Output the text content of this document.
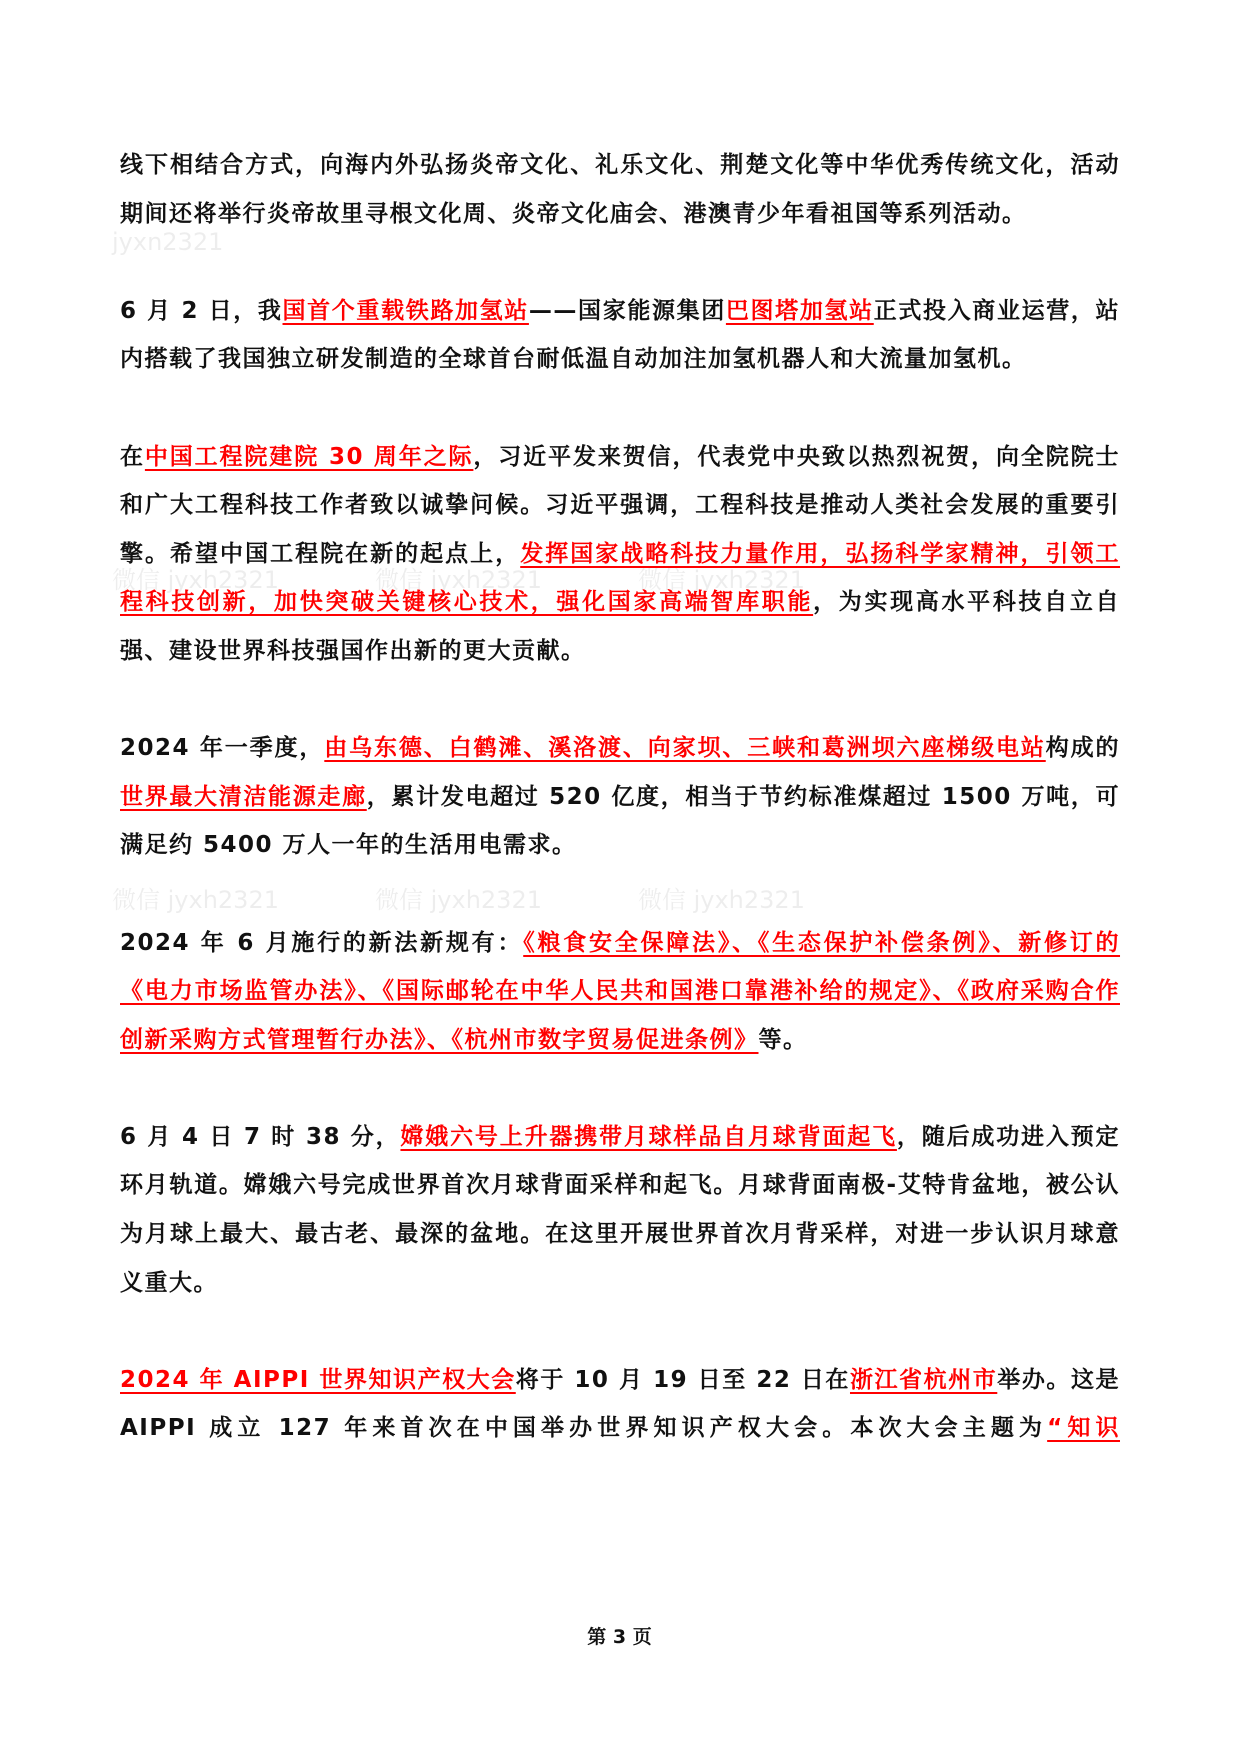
jyxn2321
微信 jyxh2321　　　　微信 jyxh2321　　　　微信 jyxh2321
微信 jyxh2321　　　　微信 jyxh2321　　　　微信 jyxh2321

线下相结合方式，向海内外弘扬炎帝文化、礼乐文化、荆楚文化等中华优秀传统文化，活动期间还将举行炎帝故里寻根文化周、炎帝文化庙会、港澳青少年看祖国等系列活动。

6 月 2 日，我国首个重载铁路加氢站——国家能源集团巴图塔加氢站正式投入商业运营，站内搭载了我国独立研发制造的全球首台耐低温自动加注加氢机器人和大流量加氢机。

在中国工程院建院 30 周年之际，习近平发来贺信，代表党中央致以热烈祝贺，向全院院士和广大工程科技工作者致以诚挚问候。习近平强调，工程科技是推动人类社会发展的重要引擎。希望中国工程院在新的起点上，发挥国家战略科技力量作用，弘扬科学家精神，引领工程科技创新，加快突破关键核心技术，强化国家高端智库职能，为实现高水平科技自立自强、建设世界科技强国作出新的更大贡献。

2024 年一季度，由乌东德、白鹤滩、溪洛渡、向家坝、三峡和葛洲坝六座梯级电站构成的世界最大清洁能源走廊，累计发电超过 520 亿度，相当于节约标准煤超过 1500 万吨，可满足约 5400 万人一年的生活用电需求。

2024 年 6 月施行的新法新规有：《粮食安全保障法》、《生态保护补偿条例》、新修订的《电力市场监管办法》、《国际邮轮在中华人民共和国港口靠港补给的规定》、《政府采购合作创新采购方式管理暂行办法》、《杭州市数字贸易促进条例》等。

6 月 4 日 7 时 38 分，嫦娥六号上升器携带月球样品自月球背面起飞，随后成功进入预定环月轨道。嫦娥六号完成世界首次月球背面采样和起飞。月球背面南极-艾特肯盆地，被公认为月球上最大、最古老、最深的盆地。在这里开展世界首次月背采样，对进一步认识月球意义重大。

2024 年 AIPPI 世界知识产权大会将于 10 月 19 日至 22 日在浙江省杭州市举办。这是 AIPPI 成立 127 年来首次在中国举办世界知识产权大会。本次大会主题为“知识

第 3 页
